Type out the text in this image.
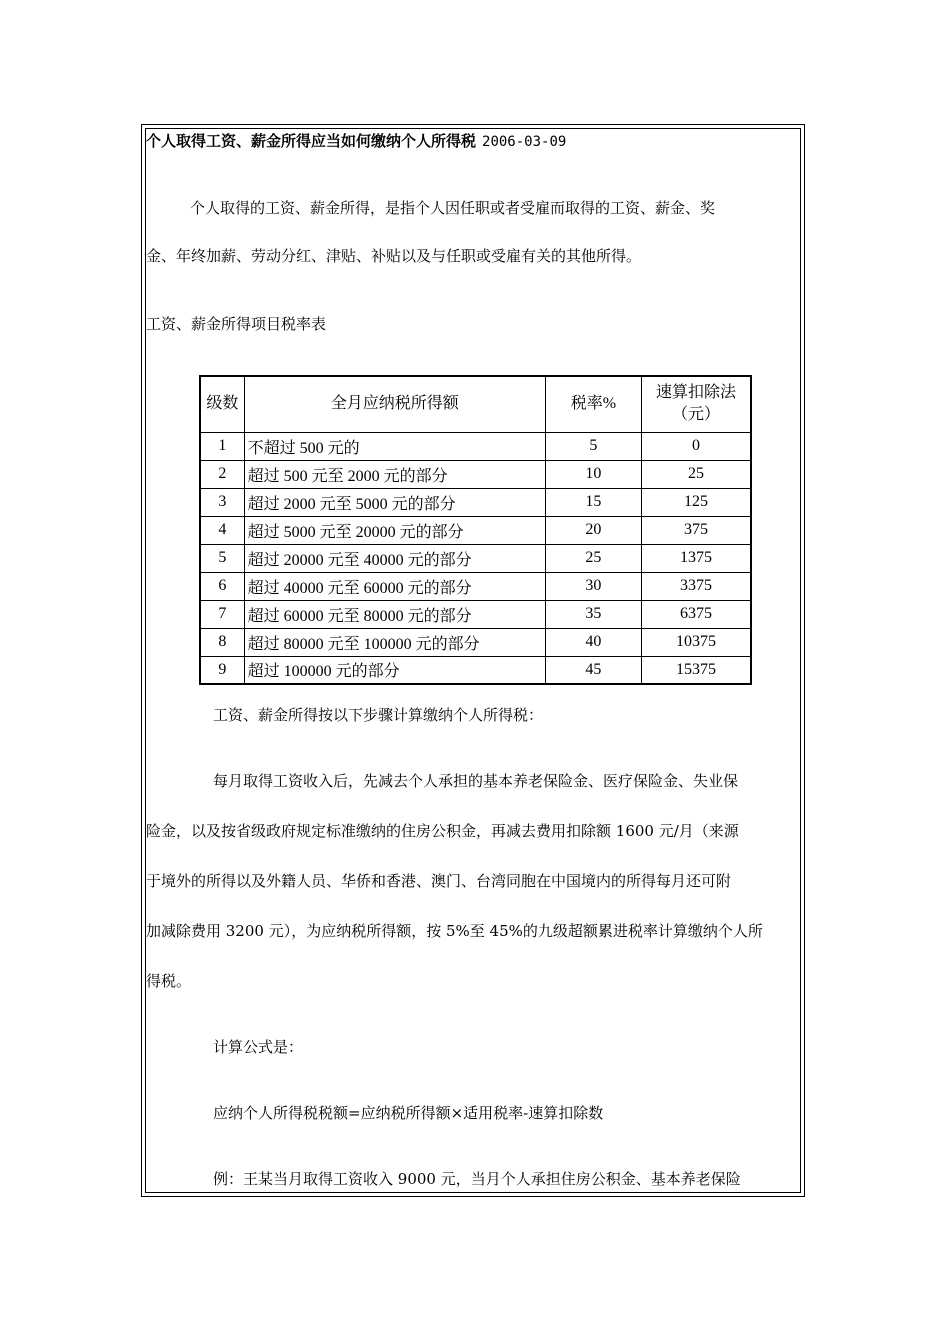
个人取得工资、薪金所得应当如何缴纳个人所得税 2006-03-09
个人取得的工资、薪金所得，是指个人因任职或者受雇而取得的工资、薪金、奖
金、年终加薪、劳动分红、津贴、补贴以及与任职或受雇有关的其他所得。
工资、薪金所得项目税率表
级数	全月应纳税所得额	税率%	速算扣除法
（元）

1	不超过 500 元的	5	0
2	超过 500 元至 2000 元的部分	10	25
3	超过 2000 元至 5000 元的部分	15	125
4	超过 5000 元至 20000 元的部分	20	375
5	超过 20000 元至 40000 元的部分	25	1375
6	超过 40000 元至 60000 元的部分	30	3375
7	超过 60000 元至 80000 元的部分	35	6375
8	超过 80000 元至 100000 元的部分	40	10375
9	超过 100000 元的部分	45	15375
工资、薪金所得按以下步骤计算缴纳个人所得税：
每月取得工资收入后，先减去个人承担的基本养老保险金、医疗保险金、失业保
险金，以及按省级政府规定标准缴纳的住房公积金，再减去费用扣除额 1600 元/月（来源
于境外的所得以及外籍人员、华侨和香港、澳门、台湾同胞在中国境内的所得每月还可附
加减除费用 3200 元），为应纳税所得额，按 5%至 45%的九级超额累进税率计算缴纳个人所
得税。
计算公式是：
应纳个人所得税税额=应纳税所得额×适用税率-速算扣除数
例：王某当月取得工资收入 9000 元，当月个人承担住房公积金、基本养老保险
